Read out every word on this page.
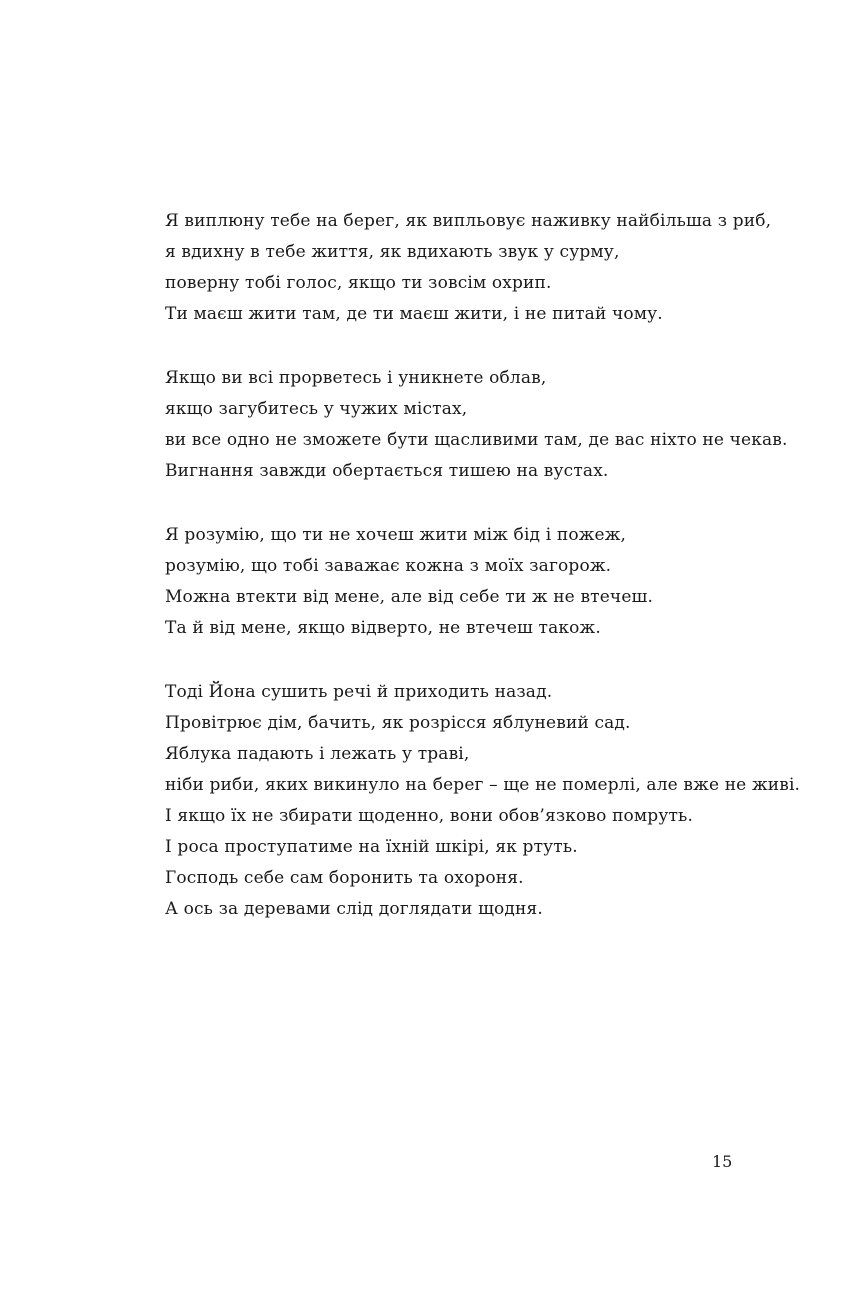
Я виплюну тебе на берег, як випльовує наживку найбільша з риб,
я вдихну в тебе життя, як вдихають звук у сурму,
поверну тобі голос, якщо ти зовсім охрип.
Ти маєш жити там, де ти маєш жити, і не питай чому.
Якщо ви всі прорветесь і уникнете облав,
якщо загубитесь у чужих містах,
ви все одно не зможете бути щасливими там, де вас ніхто не чекав.
Вигнання завжди обертається тишею на вустах.
Я розумію, що ти не хочеш жити між бід і пожеж,
розумію, що тобі заважає кожна з моїх загорож.
Можна втекти від мене, але від себе ти ж не втечеш.
Та й від мене, якщо відверто, не втечеш також.
Тоді Йона сушить речі й приходить назад.
Провітрює дім, бачить, як розрісся яблуневий сад.
Яблука падають і лежать у траві,
ніби риби, яких викинуло на берег – ще не померлі, але вже не живі.
І якщо їх не збирати щоденно, вони обов’язково помруть.
І роса проступатиме на їхній шкірі, як ртуть.
Господь себе сам боронить та охороня.
А ось за деревами слід доглядати щодня.
15
